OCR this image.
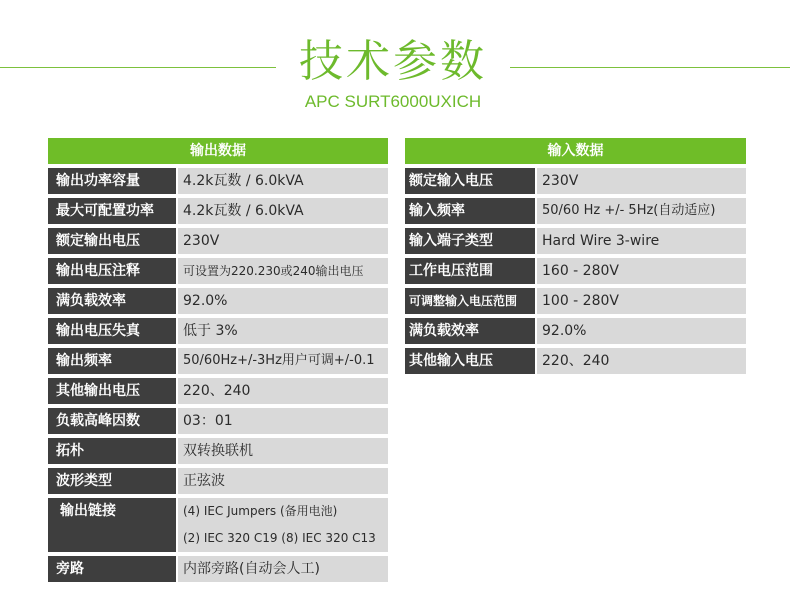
技术参数
APC SURT6000UXICH
输出数据
输出功率容量	4.2k瓦数 / 6.0kVA
最大可配置功率	4.2k瓦数 / 6.0kVA
额定输出电压	230V
输出电压注释	可设置为220.230或240输出电压
满负载效率	92.0%
输出电压失真	低于 3%
输出频率	50/60Hz+/-3Hz用户可调+/-0.1
其他输出电压	220、240
负载高峰因数	03：01
拓朴	双转换联机
波形类型	正弦波
输出链接	(4) IEC Jumpers (备用电池)
(2) IEC 320 C19 (8) IEC 320 C13
旁路	内部旁路(自动会人工)
输入数据
额定输入电压	230V
输入频率	50/60 Hz +/- 5Hz(自动适应)
输入端子类型	Hard Wire 3-wire
工作电压范围	160 - 280V
可调整输入电压范围	100 - 280V
满负载效率	92.0%
其他输入电压	220、240
